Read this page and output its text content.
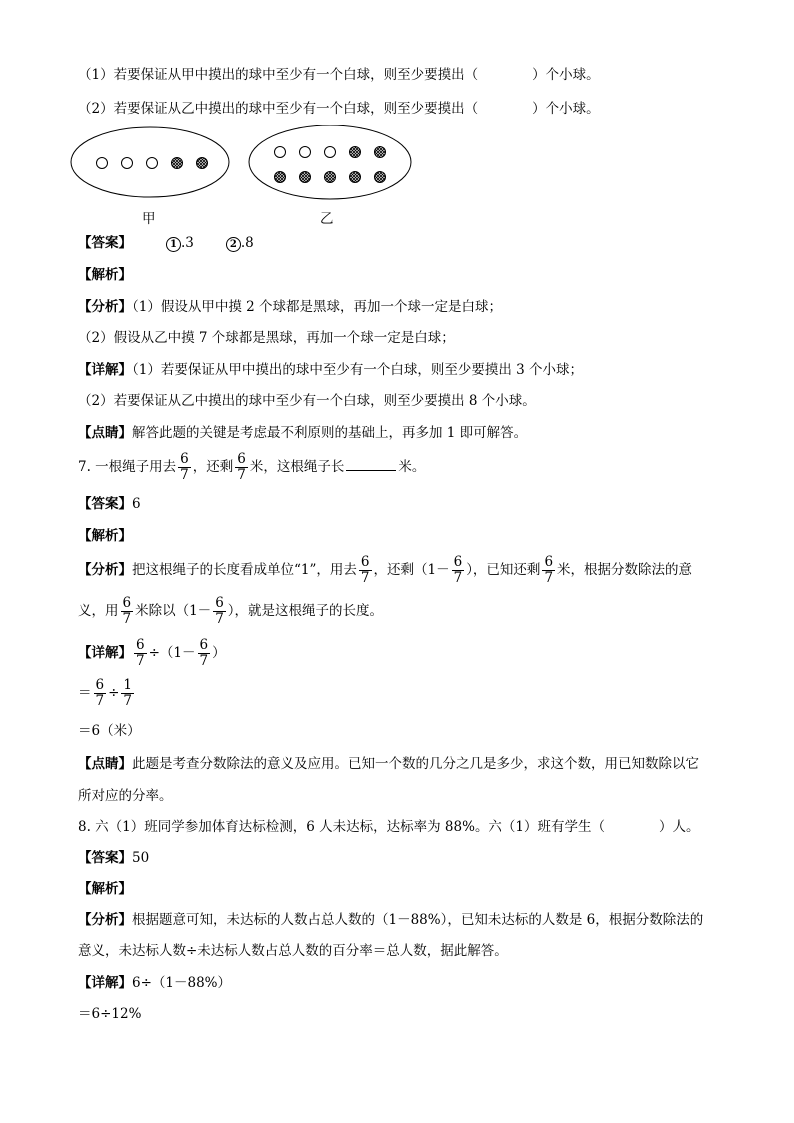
（1）若要保证从甲中摸出的球中至少有一个白球，则至少要摸出（　　　　）个小球。
（2）若要保证从乙中摸出的球中至少有一个白球，则至少要摸出（　　　　）个小球。
甲	乙
【答案】	1 .3	2 .8
【解析】
【分析】（1）假设从甲中摸 2 个球都是黑球，再加一个球一定是白球；
（2）假设从乙中摸 7 个球都是黑球，再加一个球一定是白球；
【详解】（1）若要保证从甲中摸出的球中至少有一个白球，则至少要摸出 3 个小球；
（2）若要保证从乙中摸出的球中至少有一个白球，则至少要摸出 8 个小球。
【点睛】解答此题的关键是考虑最不利原则的基础上，再多加 1 即可解答。
7. 一根绳子用去 $\frac{6}{7}$ ，还剩 $\frac{6}{7}$ 米，这根绳子长	米。
【答案】6
【解析】
【分析】把这根绳子的长度看成单位“1”，用去 $\frac{6}{7}$ ，还剩（$1- \frac{6}{7}$ ），已知还剩 $\frac{6}{7}$ 米，根据分数除法的意
义，用 $\frac{6}{7}$ 米除以（$1- \frac{6}{7}$ ），就是这根绳子的长度。
【详解】 $\frac{6}{7} \div(1- \frac{6}{7}$ ）
＝ $\frac{6}{7} \div \frac{1}{7}$
＝6（米）
【点睛】此题是考查分数除法的意义及应用。已知一个数的几分之几是多少，求这个数，用已知数除以它
所对应的分率。
8. 六（1）班同学参加体育达标检测，6 人未达标，达标率为 88%。六（1）班有学生（　　　　）人。
【答案】50
【解析】
【分析】根据题意可知，未达标的人数占总人数的（1－88%），已知未达标的人数是 6，根据分数除法的
意义，未达标人数÷未达标人数占总人数的百分率＝总人数，据此解答。
【详解】6÷（1－88%）
＝6÷12%
